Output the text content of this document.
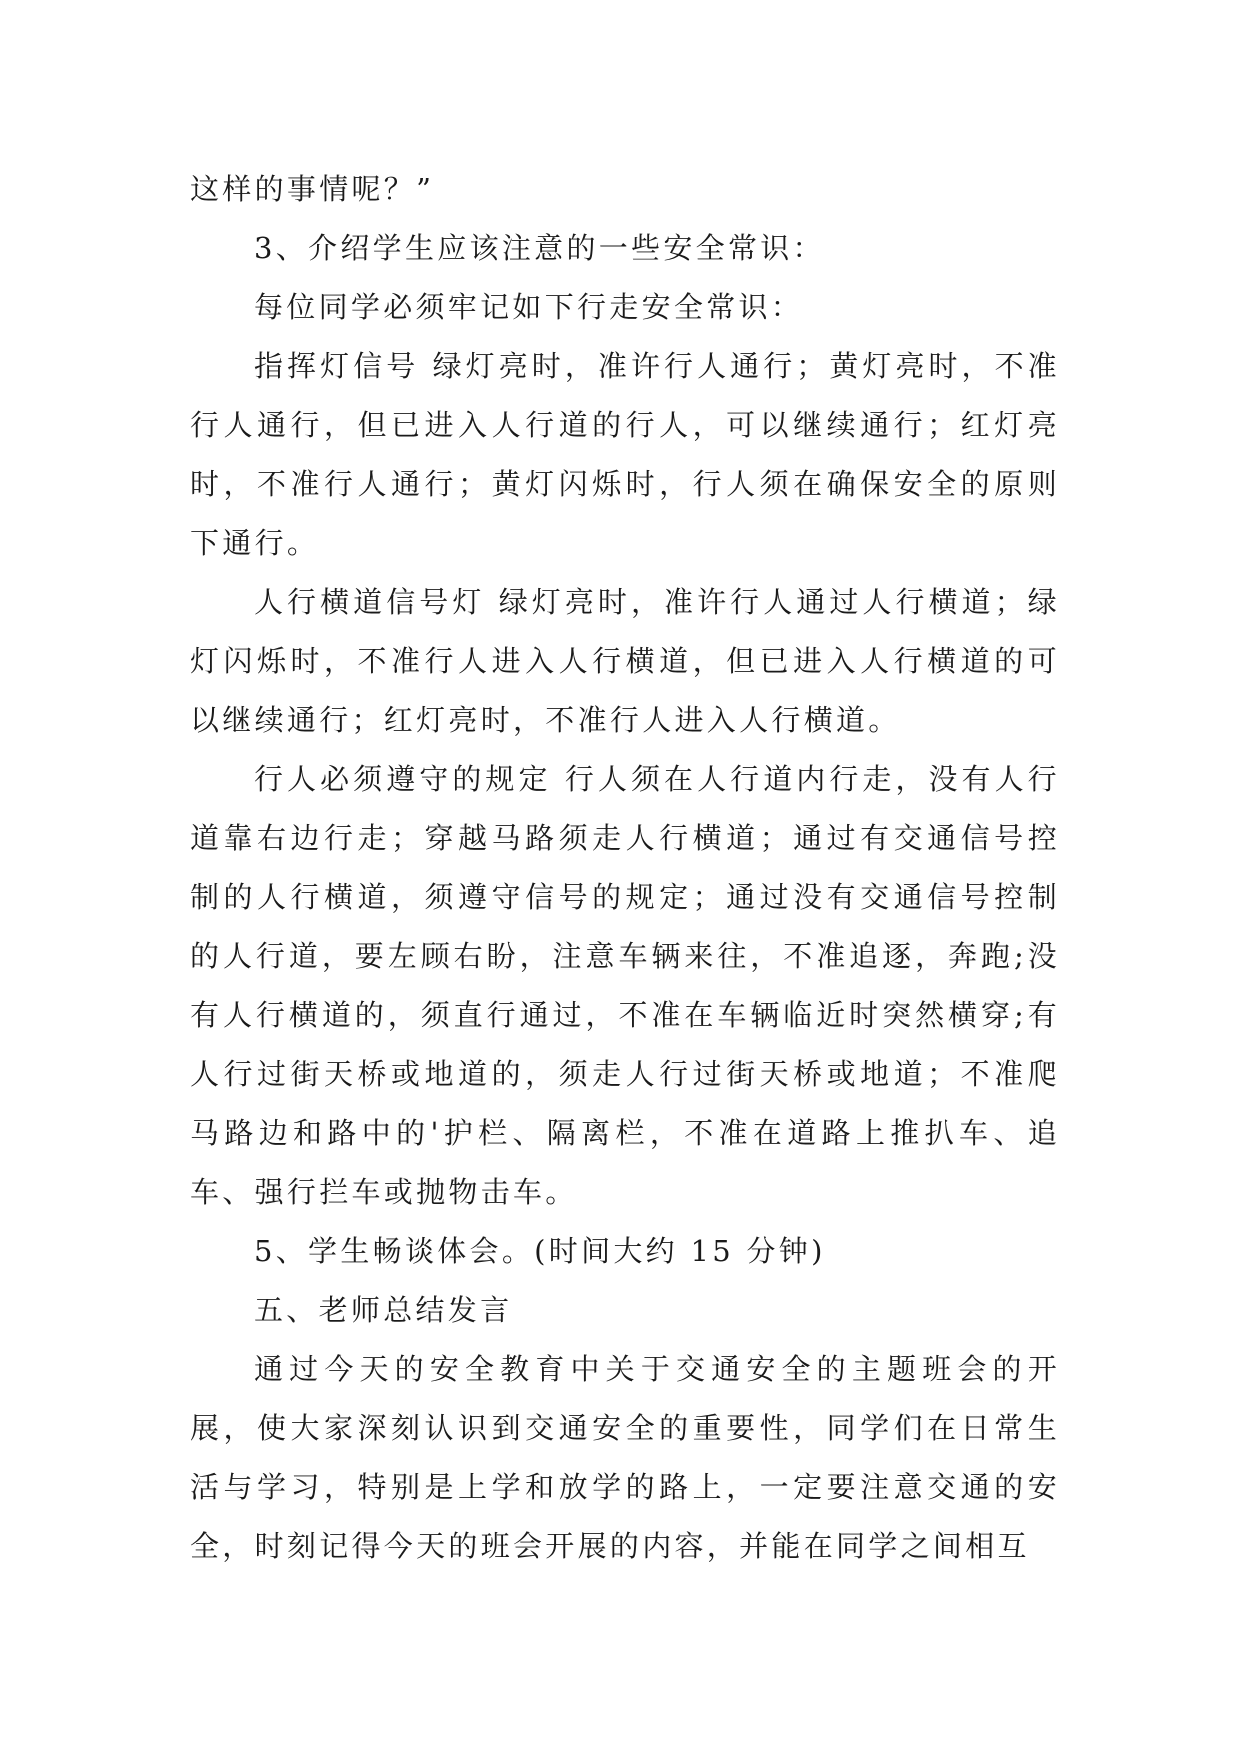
这样的事情呢？”

3、介绍学生应该注意的一些安全常识：

每位同学必须牢记如下行走安全常识：

指挥灯信号 绿灯亮时，准许行人通行；黄灯亮时，不准行人通行，但已进入人行道的行人，可以继续通行；红灯亮时，不准行人通行；黄灯闪烁时，行人须在确保安全的原则下通行。

人行横道信号灯 绿灯亮时，准许行人通过人行横道；绿灯闪烁时，不准行人进入人行横道，但已进入人行横道的可以继续通行；红灯亮时，不准行人进入人行横道。

行人必须遵守的规定 行人须在人行道内行走，没有人行道靠右边行走；穿越马路须走人行横道；通过有交通信号控制的人行横道，须遵守信号的规定；通过没有交通信号控制的人行道，要左顾右盼，注意车辆来往，不准追逐，奔跑;没有人行横道的，须直行通过，不准在车辆临近时突然横穿;有人行过街天桥或地道的，须走人行过街天桥或地道；不准爬马路边和路中的'护栏、隔离栏，不准在道路上推扒车、追车、强行拦车或抛物击车。

5、学生畅谈体会。(时间大约 15 分钟)

五、老师总结发言

通过今天的安全教育中关于交通安全的主题班会的开展，使大家深刻认识到交通安全的重要性，同学们在日常生活与学习，特别是上学和放学的路上，一定要注意交通的安全，时刻记得今天的班会开展的内容，并能在同学之间相互
